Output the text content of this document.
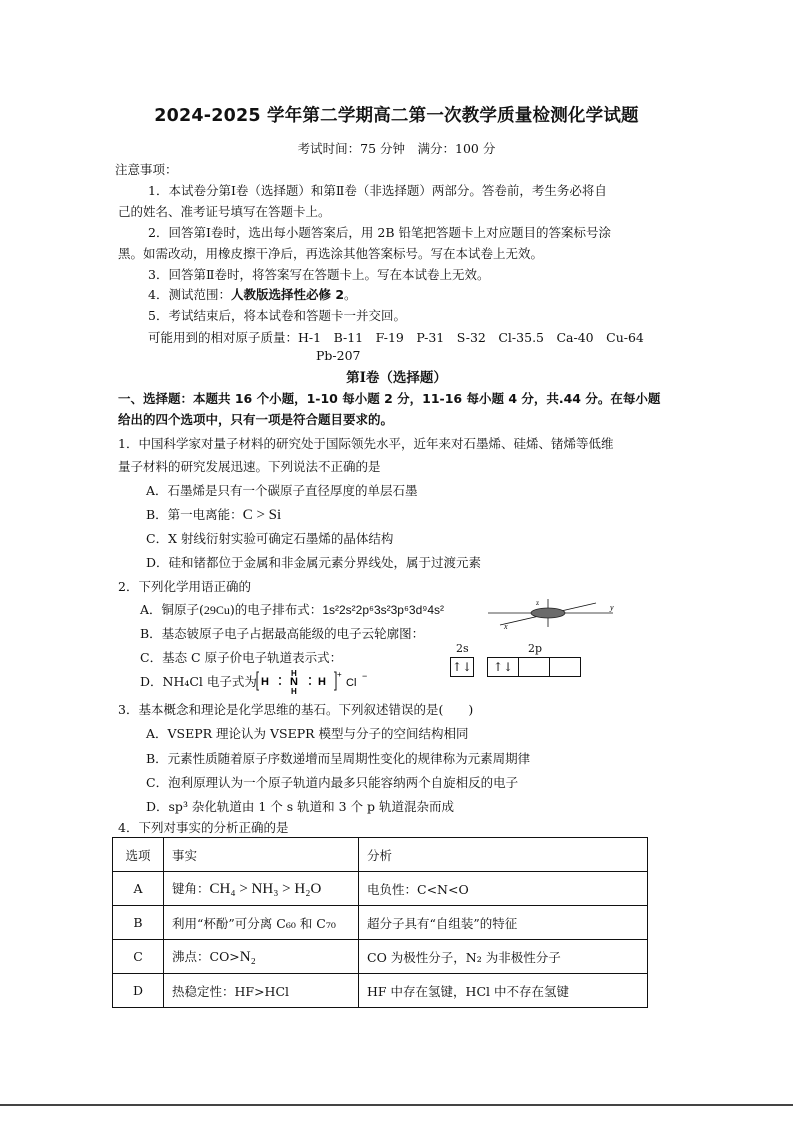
2024-2025 学年第二学期高二第一次教学质量检测化学试题
考试时间：75 分钟　满分：100 分
注意事项：
1．本试卷分第Ⅰ卷（选择题）和第Ⅱ卷（非选择题）两部分。答卷前，考生务必将自
己的姓名、准考证号填写在答题卡上。
2．回答第Ⅰ卷时，选出每小题答案后，用 2B 铅笔把答题卡上对应题目的答案标号涂
黑。如需改动，用橡皮擦干净后，再选涂其他答案标号。写在本试卷上无效。
3．回答第Ⅱ卷时，将答案写在答题卡上。写在本试卷上无效。
4．测试范围：人教版选择性必修 2。
5．考试结束后，将本试卷和答题卡一并交回。
可能用到的相对原子质量：H-1　B-11　F-19　P-31　S-32　Cl-35.5　Ca-40　Cu-64
Pb-207
第Ⅰ卷（选择题）
一、选择题：本题共 16 个小题，1-10 每小题 2 分，11-16 每小题 4 分，共.44 分。在每小题
给出的四个选项中，只有一项是符合题目要求的。
1．中国科学家对量子材料的研究处于国际领先水平，近年来对石墨烯、硅烯、锗烯等低维
量子材料的研究发展迅速。下列说法不正确的是
A．石墨烯是只有一个碳原子直径厚度的单层石墨
B．第一电离能：C > Si
C．X 射线衍射实验可确定石墨烯的晶体结构
D．硅和锗都位于金属和非金属元素分界线处，属于过渡元素
2．下列化学用语正确的
A．铜原子(29Cu)的电子排布式：1s²2s²2p⁶3s²3p⁶3d⁹4s²	z
x
y
B．基态铍原子电子占据最高能级的电子云轮廓图：
C．基态 C 原子价电子轨道表示式：
2s	2p
↑↓	↑↓
D．NH₄Cl 电子式为 H N H
H
H
+
Cl
−
3．基本概念和理论是化学思维的基石。下列叙述错误的是(　　)
A．VSEPR 理论认为 VSEPR 模型与分子的空间结构相同
B．元素性质随着原子序数递增而呈周期性变化的规律称为元素周期律
C．泡利原理认为一个原子轨道内最多只能容纳两个自旋相反的电子
D．sp³ 杂化轨道由 1 个 s 轨道和 3 个 p 轨道混杂而成
4．下列对事实的分析正确的是
选项	事实	分析
A	键角：CH₄ > NH₃ > H₂O	电负性：C<N<O
B	利用“杯酚”可分离 C₆₀ 和 C₇₀	超分子具有“自组装”的特征
C	沸点：CO>N₂	CO 为极性分子，N₂ 为非极性分子
D	热稳定性：HF>HCl	HF 中存在氢键，HCl 中不存在氢键
